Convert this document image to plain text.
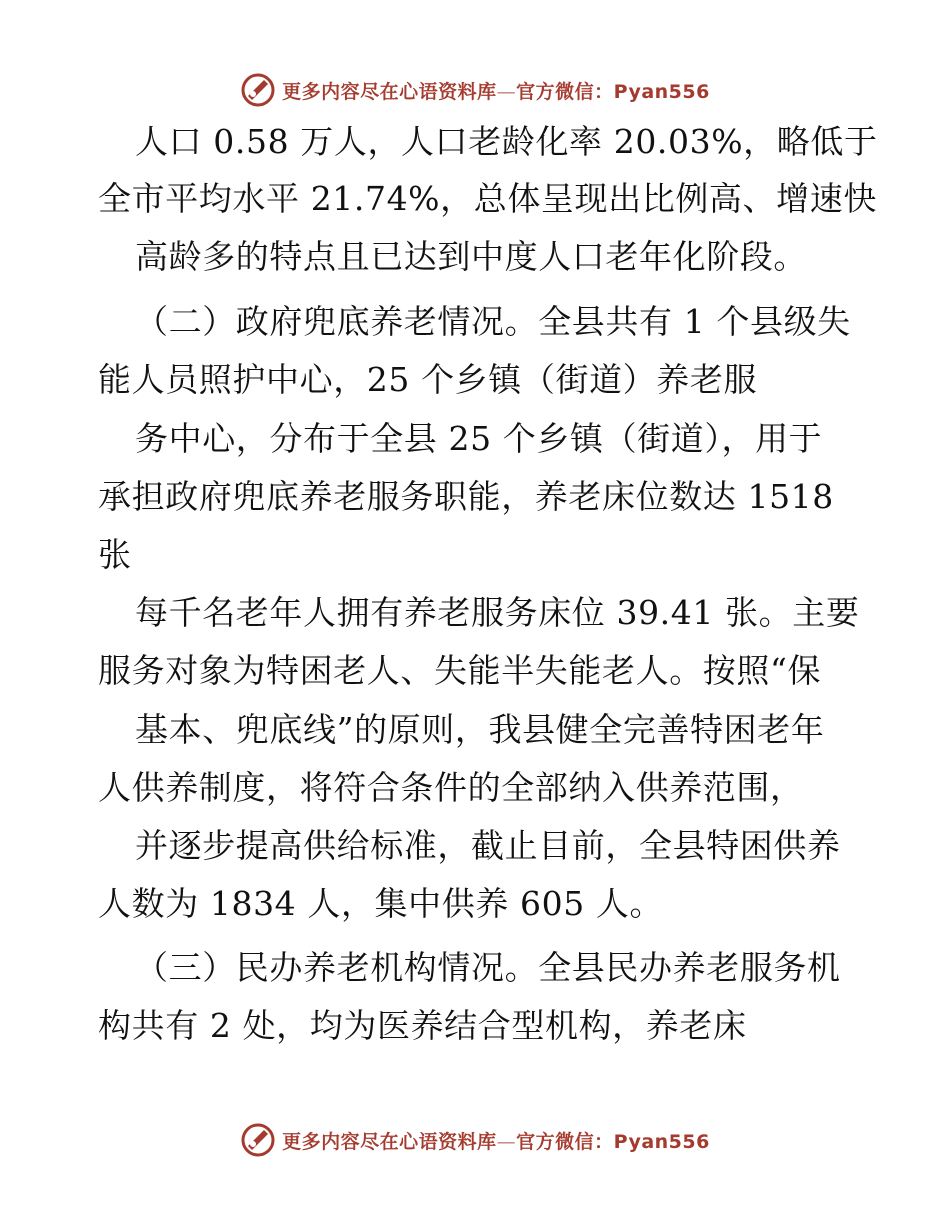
更多内容尽在心语资料库—官方微信：Pyan556
人口 0.58 万人，人口老龄化率 20.03%，略低于
全市平均水平 21.74%，总体呈现出比例高、增速快
高龄多的特点且已达到中度人口老年化阶段。
（二）政府兜底养老情况。全县共有 1 个县级失
能人员照护中心，25 个乡镇（街道）养老服
务中心，分布于全县 25 个乡镇（街道），用于
承担政府兜底养老服务职能，养老床位数达 1518
张
每千名老年人拥有养老服务床位 39.41 张。主要
服务对象为特困老人、失能半失能老人。按照“保
基本、兜底线”的原则，我县健全完善特困老年
人供养制度，将符合条件的全部纳入供养范围，
并逐步提高供给标准，截止目前，全县特困供养
人数为 1834 人，集中供养 605 人。
（三）民办养老机构情况。全县民办养老服务机
构共有 2 处，均为医养结合型机构，养老床
更多内容尽在心语资料库—官方微信：Pyan556
